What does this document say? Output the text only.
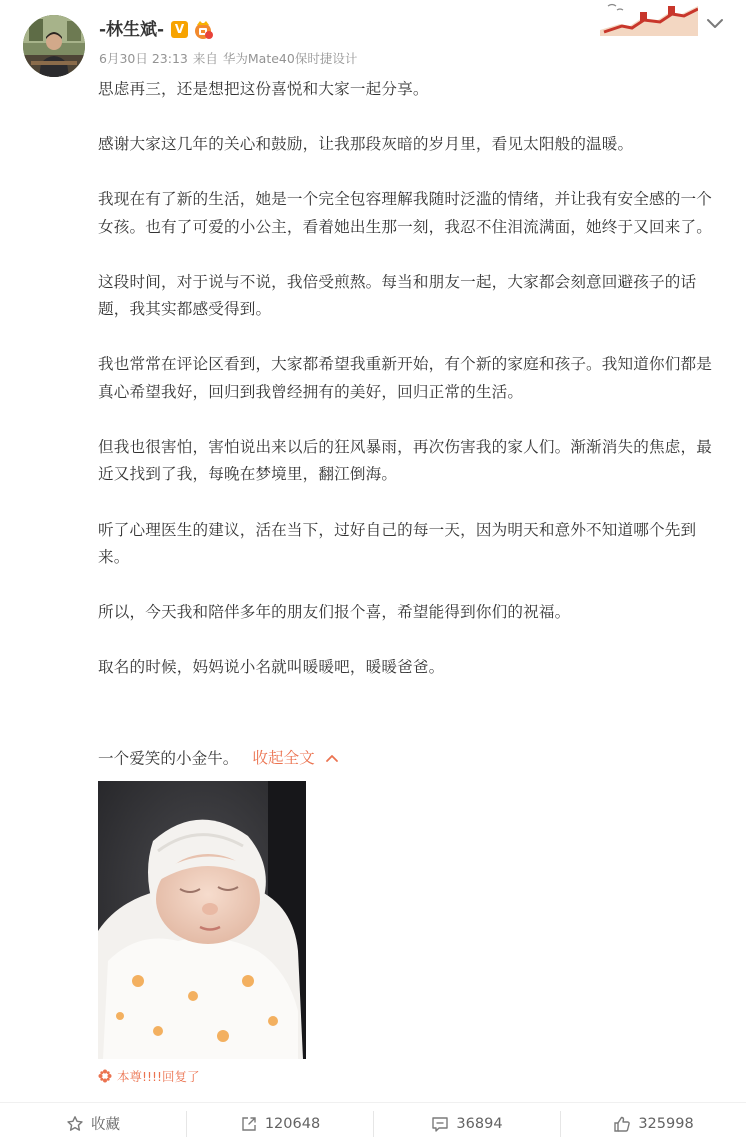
-林生斌- V
6月30日 23:13 来自 华为Mate40保时捷设计

思虑再三，还是想把这份喜悦和大家一起分享。

感谢大家这几年的关心和鼓励，让我那段灰暗的岁月里，看见太阳般的温暖。

我现在有了新的生活，她是一个完全包容理解我随时泛滥的情绪，并让我有安全感的一个女孩。也有了可爱的小公主，看着她出生那一刻，我忍不住泪流满面，她终于又回来了。

这段时间，对于说与不说，我倍受煎熬。每当和朋友一起，大家都会刻意回避孩子的话题，我其实都感受得到。

我也常常在评论区看到，大家都希望我重新开始，有个新的家庭和孩子。我知道你们都是真心希望我好，回归到我曾经拥有的美好，回归正常的生活。

但我也很害怕，害怕说出来以后的狂风暴雨，再次伤害我的家人们。渐渐消失的焦虑，最近又找到了我，每晚在梦境里，翻江倒海。

听了心理医生的建议，活在当下，过好自己的每一天，因为明天和意外不知道哪个先到来。

所以，今天我和陪伴多年的朋友们报个喜，希望能得到你们的祝福。

取名的时候，妈妈说小名就叫暖暖吧，暖暖爸爸。

一个爱笑的小金牛。 收起全文
本尊!!!!回复了
收藏	120648	36894	325998
